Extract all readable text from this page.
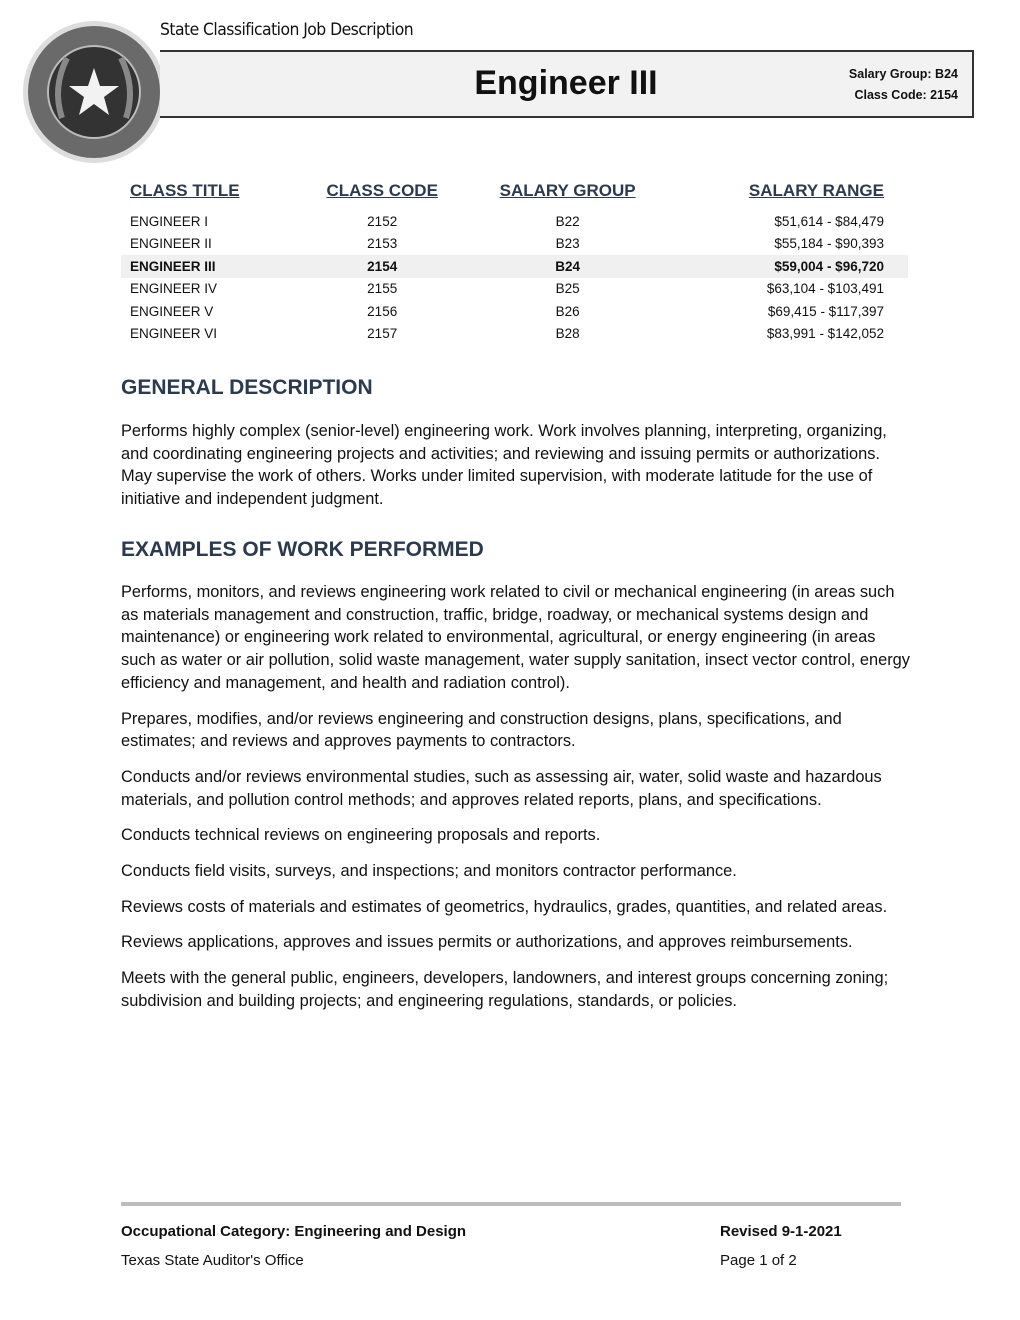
State Classification Job Description
Engineer III	Salary Group: B24
Class Code: 2154
CLASS TITLE	CLASS CODE	SALARY GROUP	SALARY RANGE
ENGINEER I	2152	B22	$51,614 - $84,479
ENGINEER II	2153	B23	$55,184 - $90,393
ENGINEER III	2154	B24	$59,004 - $96,720
ENGINEER IV	2155	B25	$63,104 - $103,491
ENGINEER V	2156	B26	$69,415 - $117,397
ENGINEER VI	2157	B28	$83,991 - $142,052
GENERAL DESCRIPTION

Performs highly complex (senior-level) engineering work. Work involves planning, interpreting, organizing, and coordinating engineering projects and activities; and reviewing and issuing permits or authorizations. May supervise the work of others. Works under limited supervision, with moderate latitude for the use of initiative and independent judgment.

EXAMPLES OF WORK PERFORMED

Performs, monitors, and reviews engineering work related to civil or mechanical engineering (in areas such as materials management and construction, traffic, bridge, roadway, or mechanical systems design and maintenance) or engineering work related to environmental, agricultural, or energy engineering (in areas such as water or air pollution, solid waste management, water supply sanitation, insect vector control, energy efficiency and management, and health and radiation control).

Prepares, modifies, and/or reviews engineering and construction designs, plans, specifications, and estimates; and reviews and approves payments to contractors.

Conducts and/or reviews environmental studies, such as assessing air, water, solid waste and hazardous materials, and pollution control methods; and approves related reports, plans, and specifications.

Conducts technical reviews on engineering proposals and reports.

Conducts field visits, surveys, and inspections; and monitors contractor performance.

Reviews costs of materials and estimates of geometrics, hydraulics, grades, quantities, and related areas.

Reviews applications, approves and issues permits or authorizations, and approves reimbursements.

Meets with the general public, engineers, developers, landowners, and interest groups concerning zoning; subdivision and building projects; and engineering regulations, standards, or policies.

Occupational Category: Engineering and Design	Revised 9-1-2021
Texas State Auditor's Office	Page 1 of 2
